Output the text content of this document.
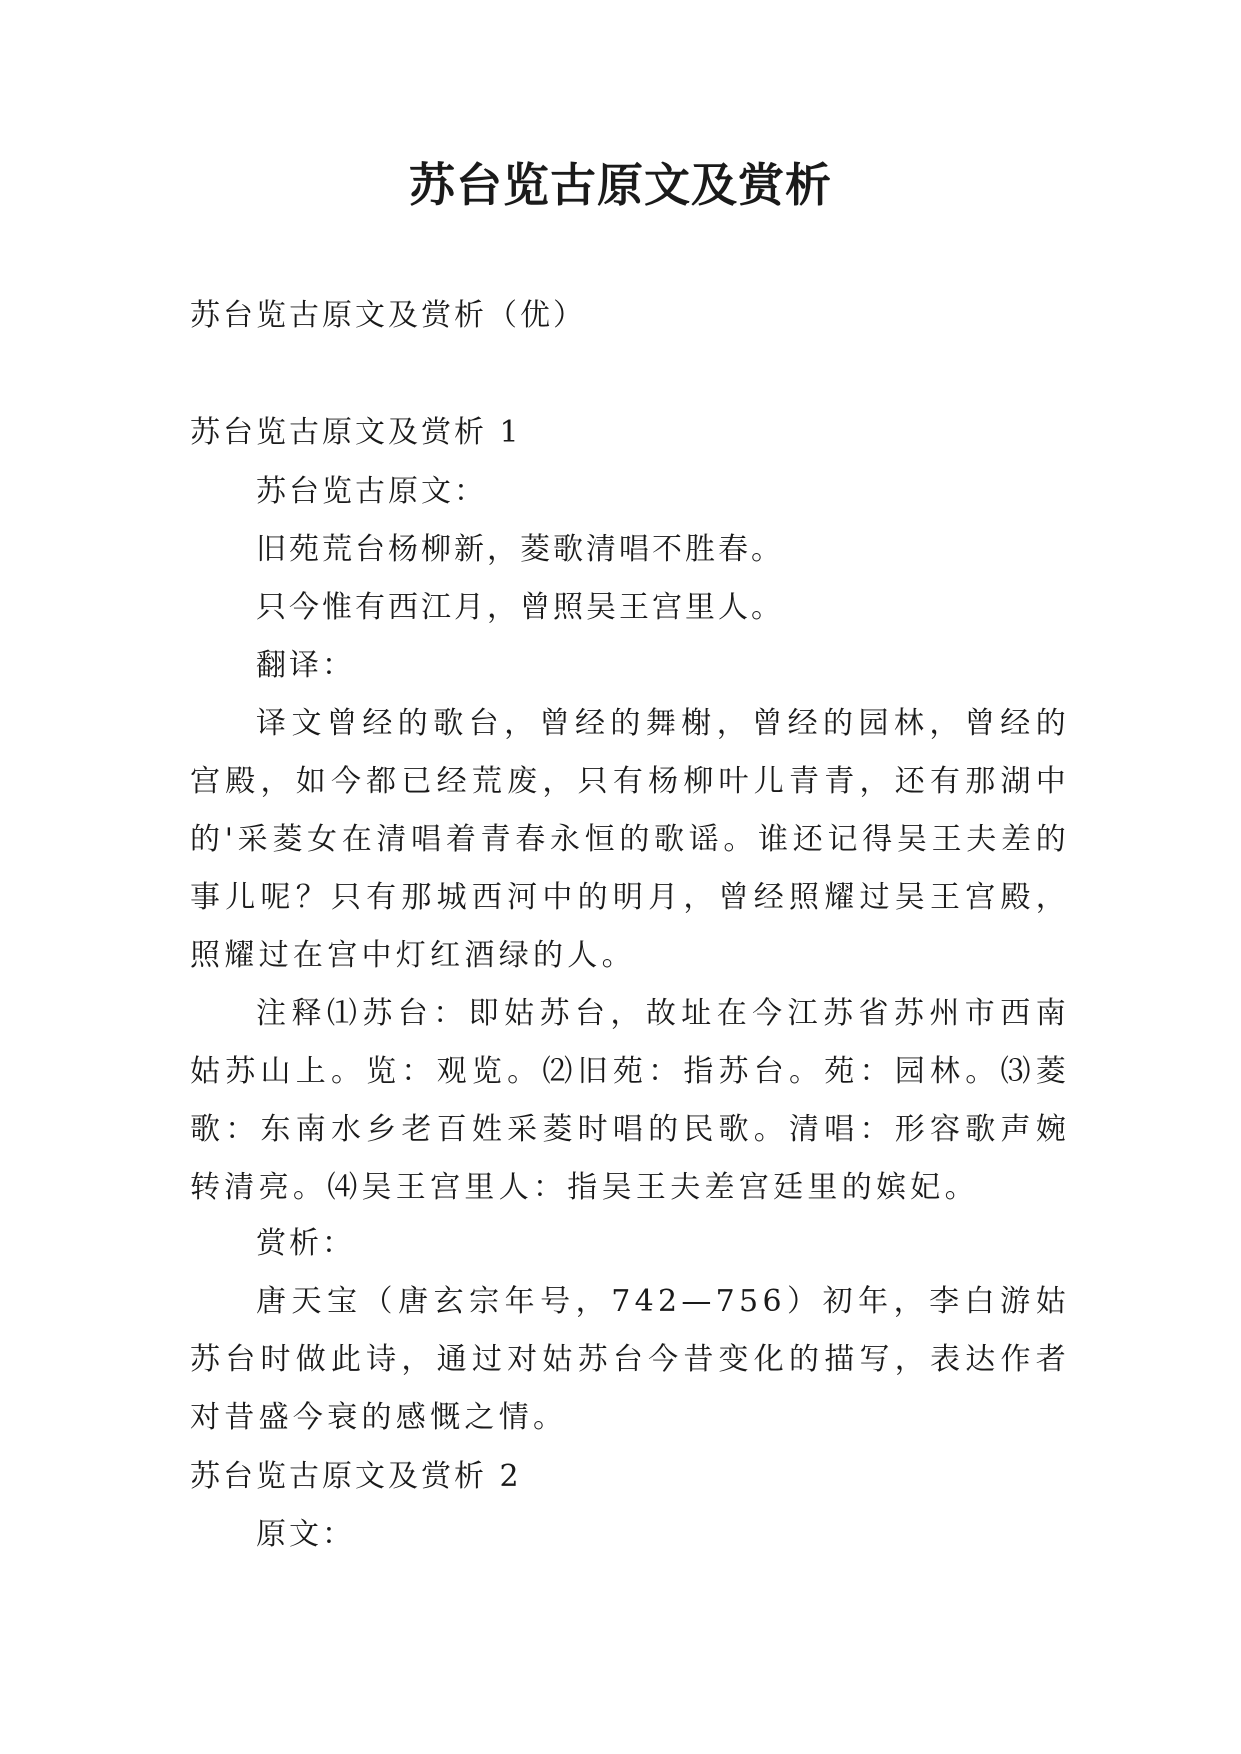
苏台览古原文及赏析
苏台览古原文及赏析（优）
苏台览古原文及赏析 1
苏台览古原文：
旧苑荒台杨柳新，菱歌清唱不胜春。
只今惟有西江月，曾照吴王宫里人。
翻译：
译文曾经的歌台，曾经的舞榭，曾经的园林，曾经的宫殿，如今都已经荒废，只有杨柳叶儿青青，还有那湖中的'采菱女在清唱着青春永恒的歌谣。谁还记得吴王夫差的事儿呢？只有那城西河中的明月，曾经照耀过吴王宫殿，照耀过在宫中灯红酒绿的人。
注释⑴苏台：即姑苏台，故址在今江苏省苏州市西南姑苏山上。览：观览。⑵旧苑：指苏台。苑：园林。⑶菱歌：东南水乡老百姓采菱时唱的民歌。清唱：形容歌声婉转清亮。⑷吴王宫里人：指吴王夫差宫廷里的嫔妃。
赏析：
唐天宝（唐玄宗年号，742—756）初年，李白游姑苏台时做此诗，通过对姑苏台今昔变化的描写，表达作者对昔盛今衰的感慨之情。
苏台览古原文及赏析 2
原文：
